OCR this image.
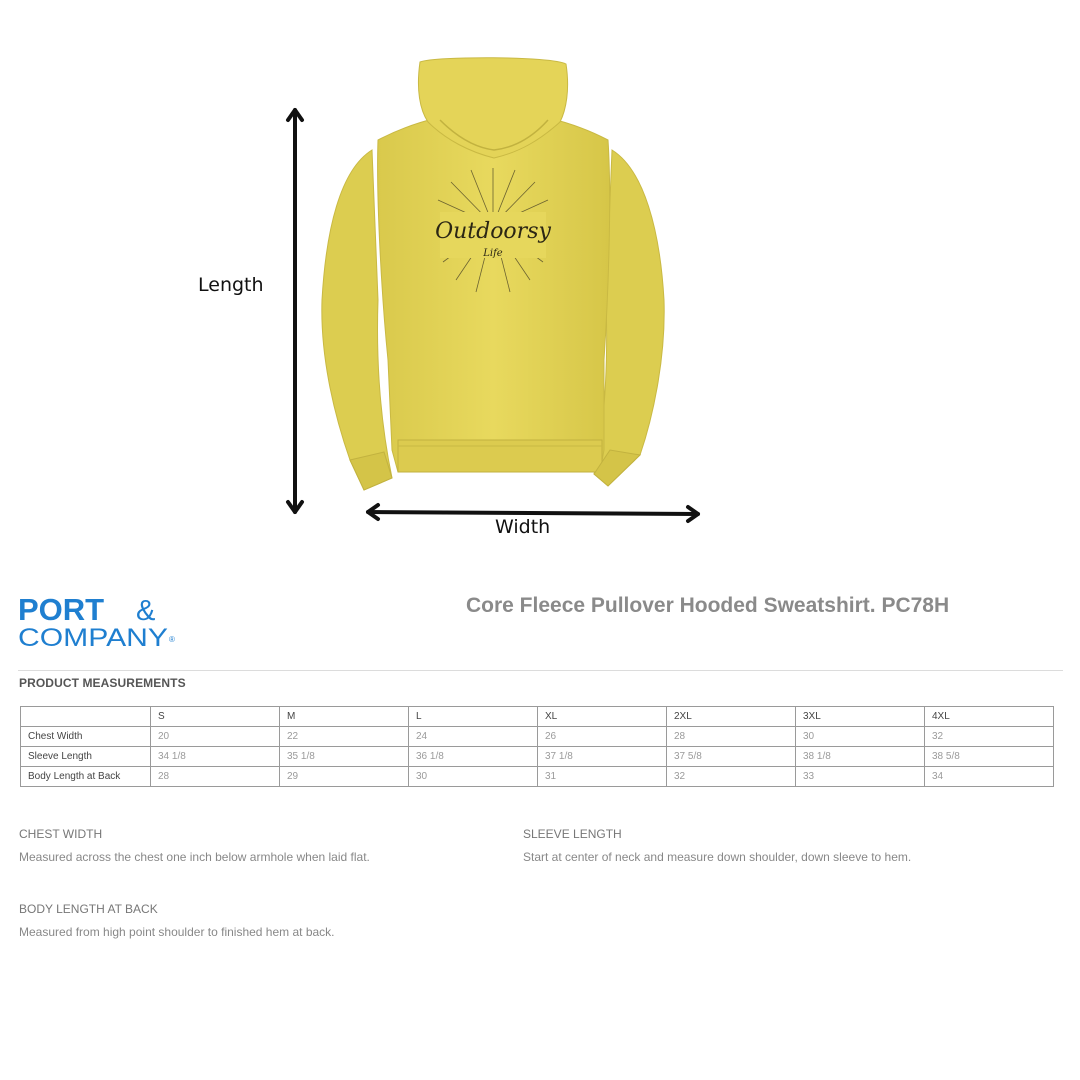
Outdoorsy
Life
Length
Width
PORT &
COMPANY ®
Core Fleece Pullover Hooded Sweatshirt. PC78H
PRODUCT MEASUREMENTS
	S	M	L	XL	2XL	3XL	4XL
Chest Width	20	22	24	26	28	30	32
Sleeve Length	34 1/8	35 1/8	36 1/8	37 1/8	37 5/8	38 1/8	38 5/8
Body Length at Back	28	29	30	31	32	33	34
CHEST WIDTH
Measured across the chest one inch below armhole when laid flat.
SLEEVE LENGTH
Start at center of neck and measure down shoulder, down sleeve to hem.
BODY LENGTH AT BACK
Measured from high point shoulder to finished hem at back.
